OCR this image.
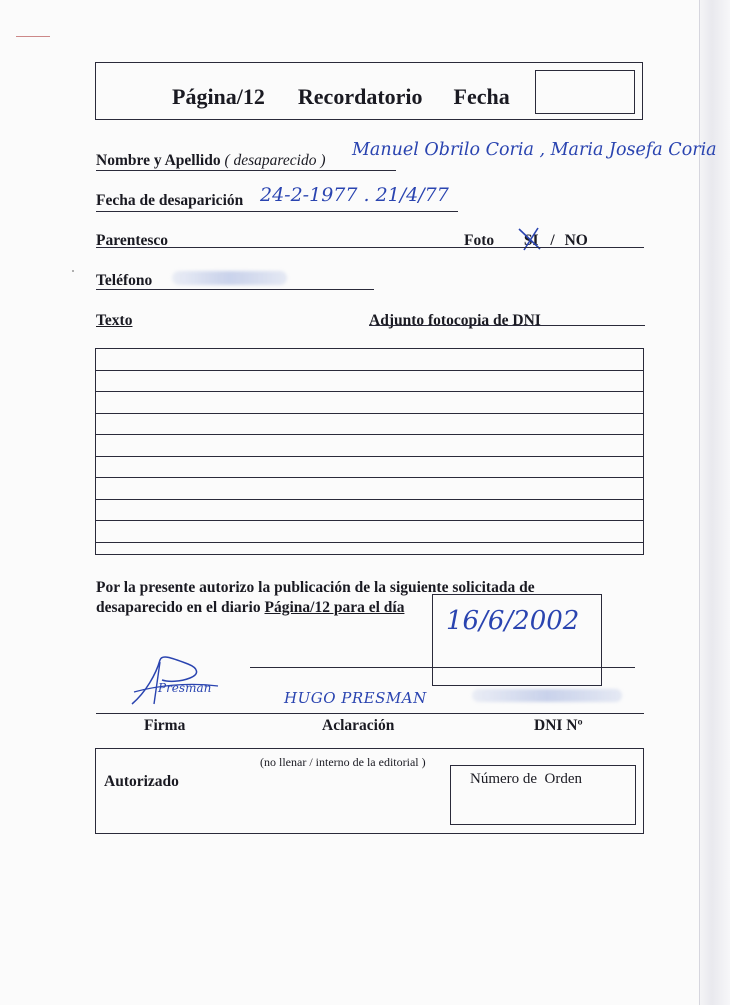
Página/12 Recordatorio Fecha
Nombre y Apellido ( desaparecido )
Manuel Obrilo Coria , Maria Josefa Coria
Fecha de desaparición 24-2-1977 . 21/4/77
Parentesco	Foto SI / NO
Teléfono
Texto	Adjunto fotocopia de DNI
Por la presente autorizo la publicación de la siguiente solicitada de
desaparecido en el diario Página/12 para el día	16/6/2002
Presman
HUGO PRESMAN
Firma	Aclaración	DNI Nº
(no llenar / interno de la editorial )
Autorizado	Número de  Orden
